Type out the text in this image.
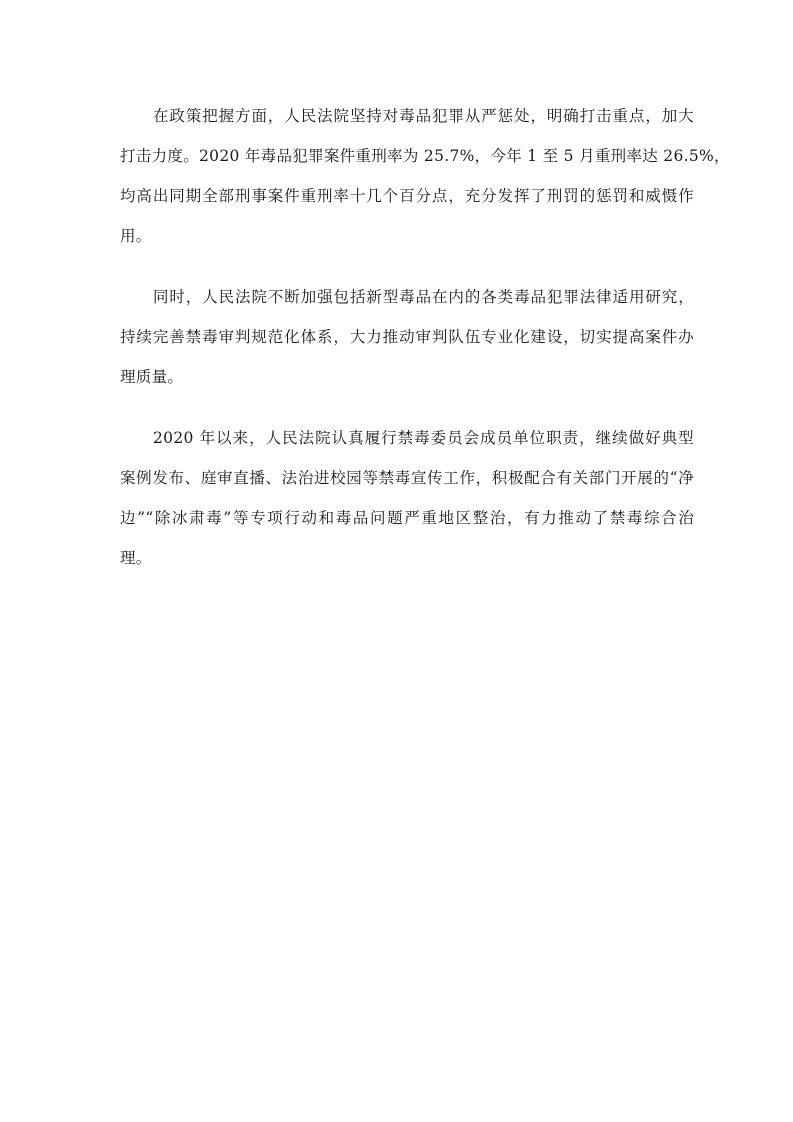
在政策把握方面，人民法院坚持对毒品犯罪从严惩处，明确打击重点，加大
打击力度。2020 年毒品犯罪案件重刑率为 25.7%，今年 1 至 5 月重刑率达 26.5%，
均高出同期全部刑事案件重刑率十几个百分点，充分发挥了刑罚的惩罚和威慑作
用。
同时，人民法院不断加强包括新型毒品在内的各类毒品犯罪法律适用研究，
持续完善禁毒审判规范化体系，大力推动审判队伍专业化建设，切实提高案件办
理质量。
2020 年以来，人民法院认真履行禁毒委员会成员单位职责，继续做好典型
案例发布、庭审直播、法治进校园等禁毒宣传工作，积极配合有关部门开展的“净
边”“除冰肃毒”等专项行动和毒品问题严重地区整治，有力推动了禁毒综合治
理。
